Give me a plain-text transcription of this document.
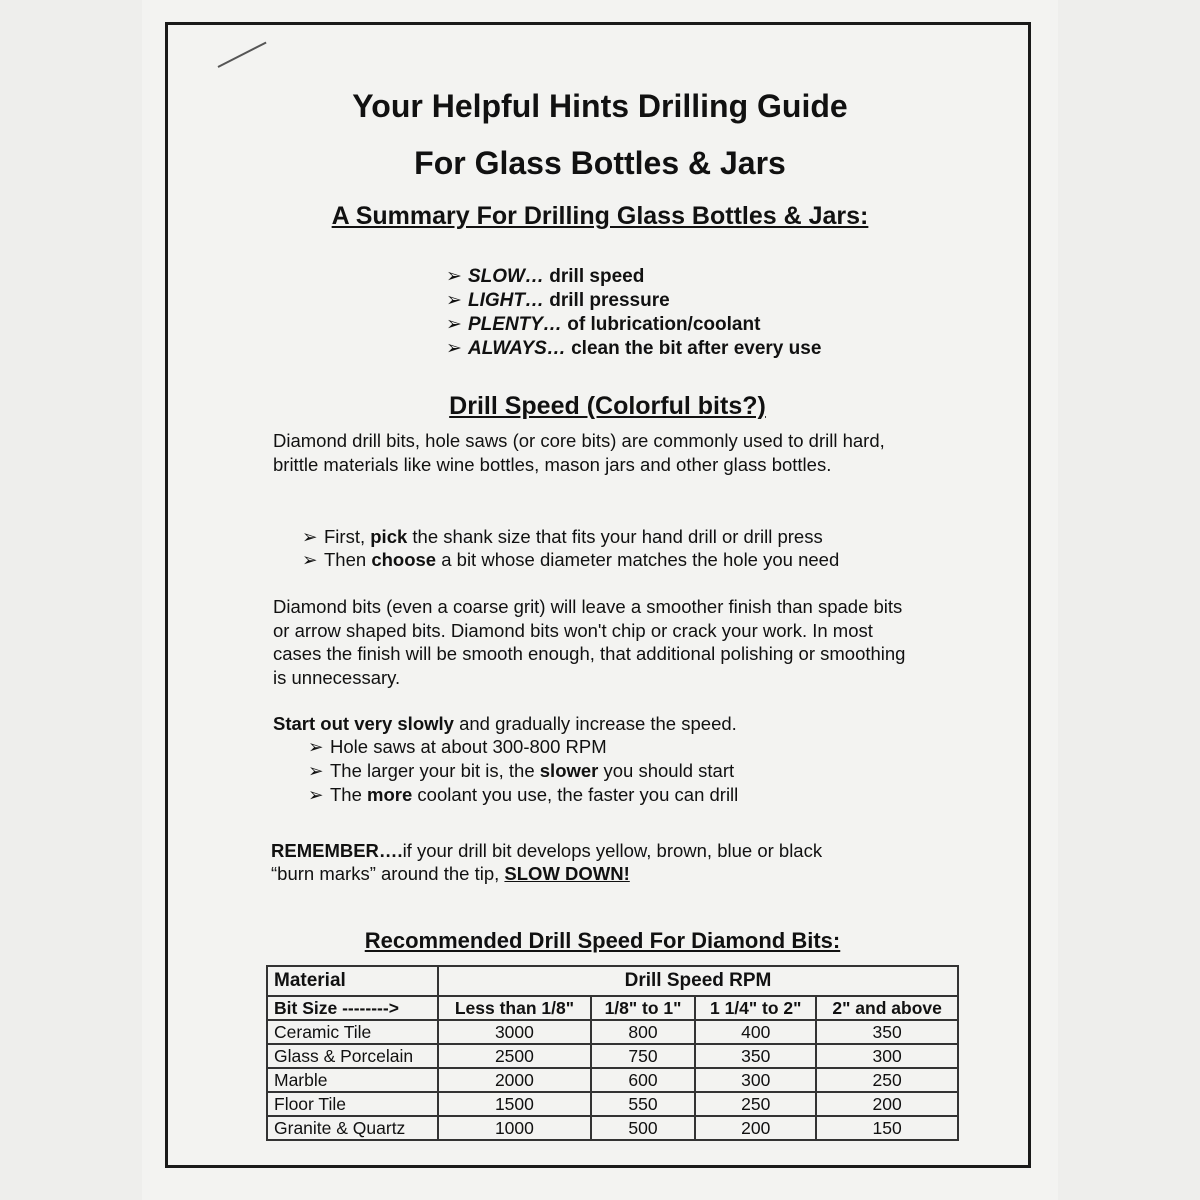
Your Helpful Hints Drilling Guide
For Glass Bottles & Jars
A Summary For Drilling Glass Bottles & Jars:
➢ SLOW… drill speed
➢ LIGHT… drill pressure
➢ PLENTY… of lubrication/coolant
➢ ALWAYS… clean the bit after every use
Drill Speed (Colorful bits?)
Diamond drill bits, hole saws (or core bits) are commonly used to drill hard, brittle materials like wine bottles, mason jars and other glass bottles.
➢ First, pick the shank size that fits your hand drill or drill press
➢ Then choose a bit whose diameter matches the hole you need
Diamond bits (even a coarse grit) will leave a smoother finish than spade bits or arrow shaped bits. Diamond bits won't chip or crack your work. In most cases the finish will be smooth enough, that additional polishing or smoothing is unnecessary.
Start out very slowly and gradually increase the speed.
➢ Hole saws at about 300-800 RPM
➢ The larger your bit is, the slower you should start
➢ The more coolant you use, the faster you can drill
REMEMBER….if your drill bit develops yellow, brown, blue or black
“burn marks” around the tip, SLOW DOWN!
Recommended Drill Speed For Diamond Bits:
Material	Drill Speed RPM			
Bit Size -------->	Less than 1/8"	1/8" to 1"	1 1/4" to 2"	2" and above
Ceramic Tile	3000	800	400	350
Glass & Porcelain	2500	750	350	300
Marble	2000	600	300	250
Floor Tile	1500	550	250	200
Granite & Quartz	1000	500	200	150
